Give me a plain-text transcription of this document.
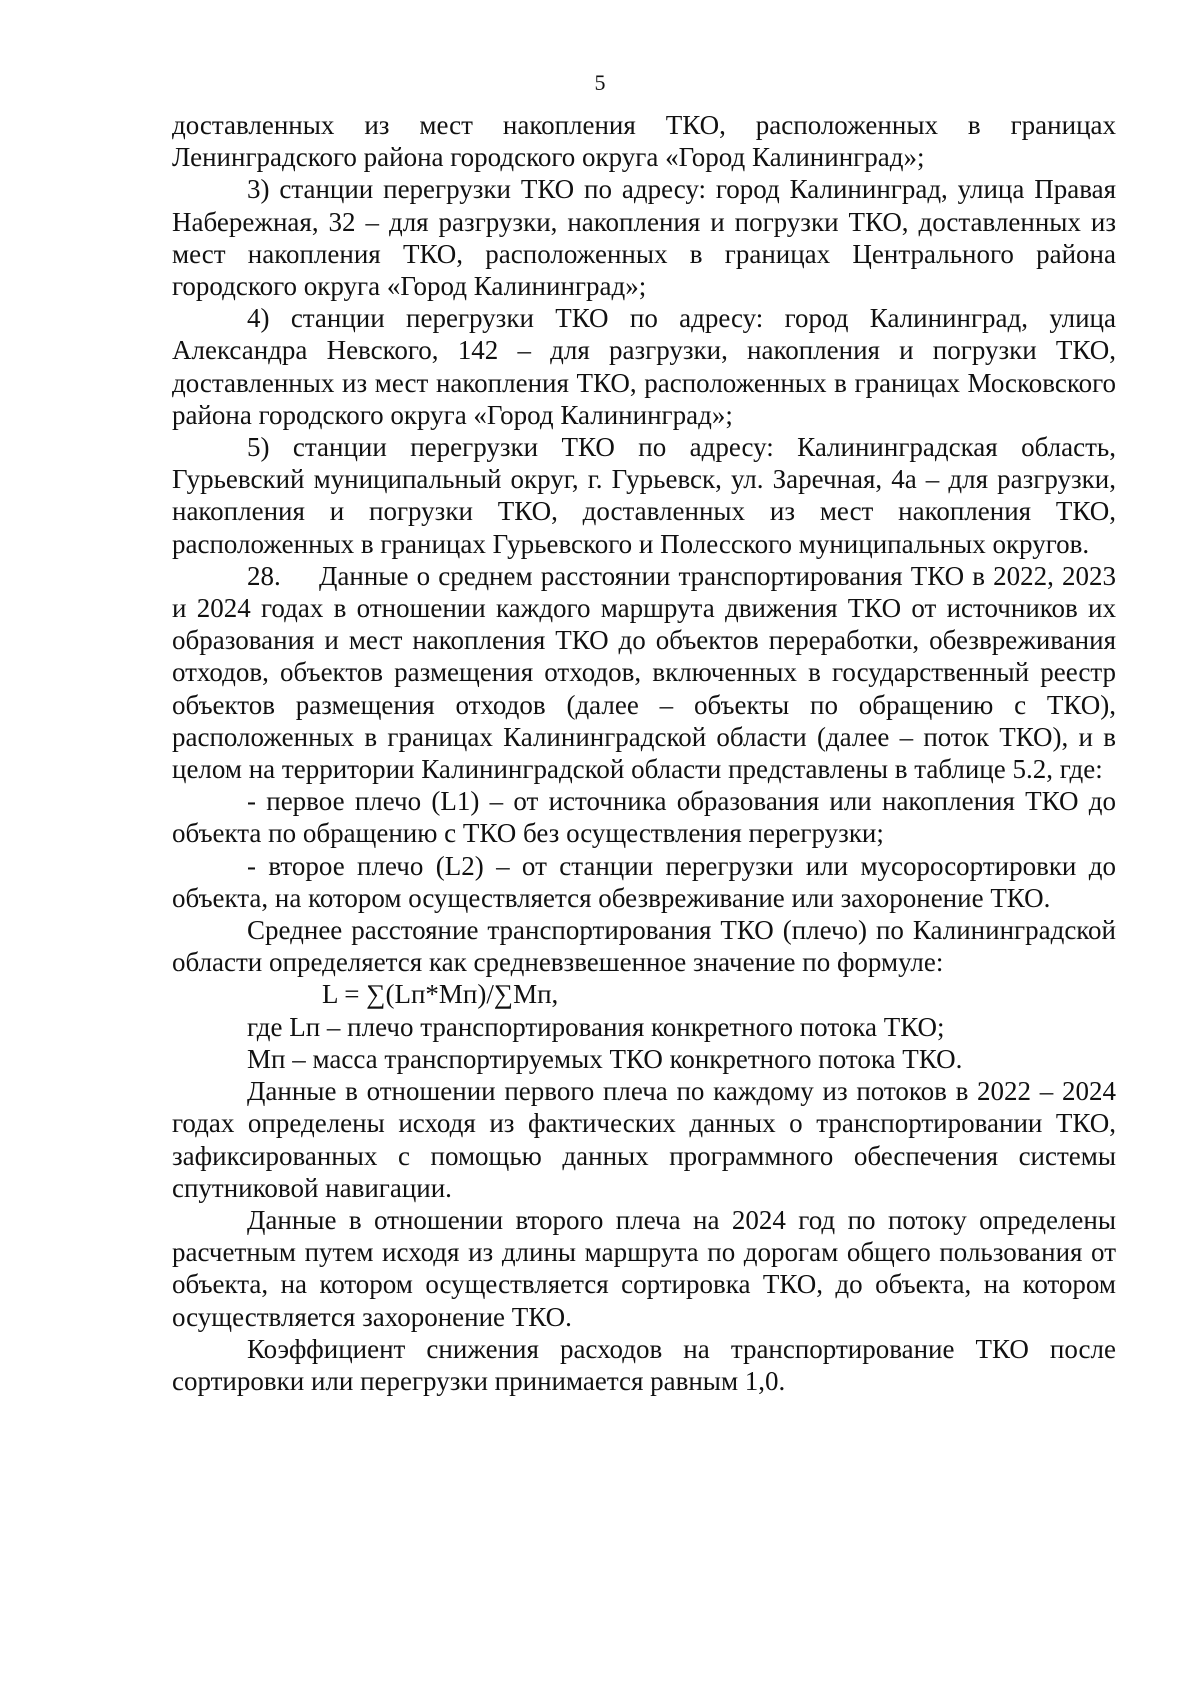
5

доставленных из мест накопления ТКО, расположенных в границах Ленинградского района городского округа «Город Калининград»;

3) станции перегрузки ТКО по адресу: город Калининград, улица Правая Набережная, 32 – для разгрузки, накопления и погрузки ТКО, доставленных из мест накопления ТКО, расположенных в границах Центрального района городского округа «Город Калининград»;

4) станции перегрузки ТКО по адресу: город Калининград, улица Александра Невского, 142 – для разгрузки, накопления и погрузки ТКО, доставленных из мест накопления ТКО, расположенных в границах Московского района городского округа «Город Калининград»;

5) станции перегрузки ТКО по адресу: Калининградская область, Гурьевский муниципальный округ, г. Гурьевск, ул. Заречная, 4а – для разгрузки, накопления и погрузки ТКО, доставленных из мест накопления ТКО, расположенных в границах Гурьевского и Полесского муниципальных округов.

28. Данные о среднем расстоянии транспортирования ТКО в 2022, 2023 и 2024 годах в отношении каждого маршрута движения ТКО от источников их образования и мест накопления ТКО до объектов переработки, обезвреживания отходов, объектов размещения отходов, включенных в государственный реестр объектов размещения отходов (далее – объекты по обращению с ТКО), расположенных в границах Калининградской области (далее – поток ТКО), и в целом на территории Калининградской области представлены в таблице 5.2, где:

- первое плечо (L1) – от источника образования или накопления ТКО до объекта по обращению с ТКО без осуществления перегрузки;

- второе плечо (L2) – от станции перегрузки или мусоросортировки до объекта, на котором осуществляется обезвреживание или захоронение ТКО.

Среднее расстояние транспортирования ТКО (плечо) по Калининградской области определяется как средневзвешенное значение по формуле:

L = ∑(Lп*Мп)/∑Мп,

где Lп – плечо транспортирования конкретного потока ТКО;

Мп – масса транспортируемых ТКО конкретного потока ТКО.

Данные в отношении первого плеча по каждому из потоков в 2022 – 2024 годах определены исходя из фактических данных о транспортировании ТКО, зафиксированных с помощью данных программного обеспечения системы спутниковой навигации.

Данные в отношении второго плеча на 2024 год по потоку определены расчетным путем исходя из длины маршрута по дорогам общего пользования от объекта, на котором осуществляется сортировка ТКО, до объекта, на котором осуществляется захоронение ТКО.

Коэффициент снижения расходов на транспортирование ТКО после сортировки или перегрузки принимается равным 1,0.
